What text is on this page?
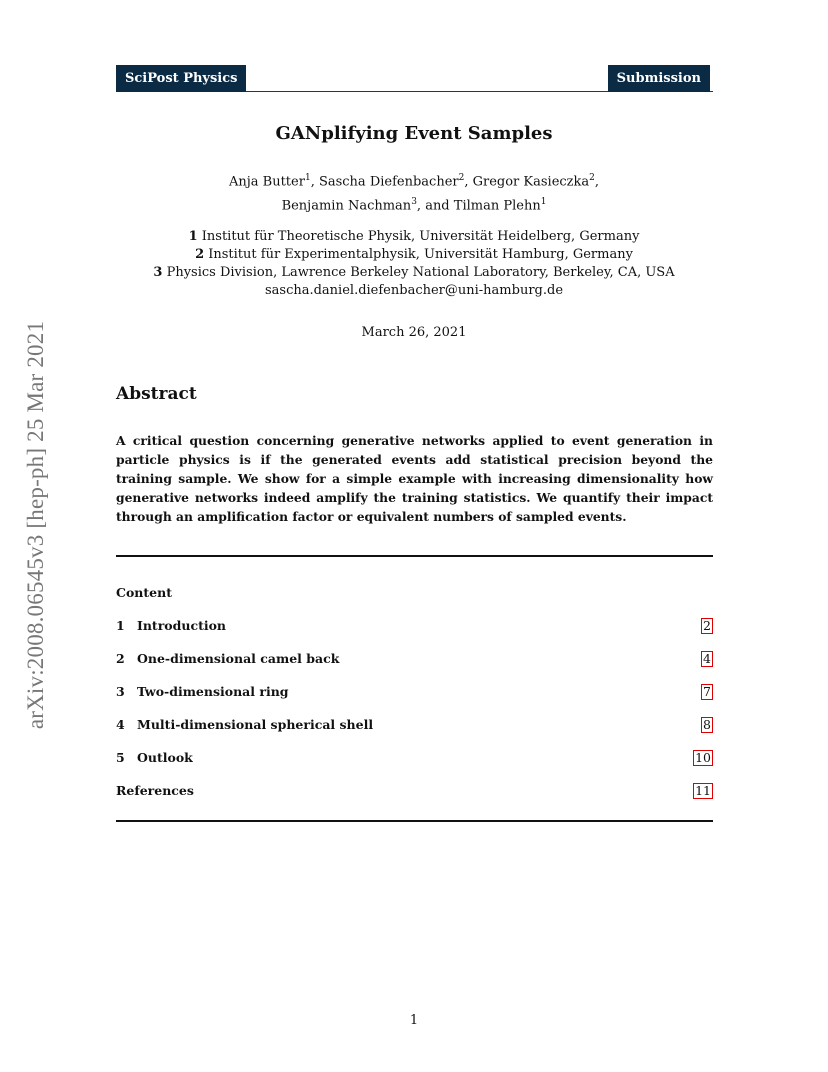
SciPost Physics	Submission
arXiv:2008.06545v3 [hep-ph] 25 Mar 2021
GANplifying Event Samples
Anja Butter$^1$, Sascha Diefenbacher$^2$, Gregor Kasieczka$^2$,
Benjamin Nachman$^3$, and Tilman Plehn$^1$
1 Institut für Theoretische Physik, Universität Heidelberg, Germany
2 Institut für Experimentalphysik, Universität Hamburg, Germany
3 Physics Division, Lawrence Berkeley National Laboratory, Berkeley, CA, USA
sascha.daniel.diefenbacher@uni-hamburg.de
March 26, 2021
Abstract
A critical question concerning generative networks applied to event generation in particle physics is if the generated events add statistical precision beyond the training sample. We show for a simple example with increasing dimensionality how generative networks indeed amplify the training statistics. We quantify their impact through an amplification factor or equivalent numbers of sampled events.
Content
1 Introduction	2
2 One-dimensional camel back	4
3 Two-dimensional ring	7
4 Multi-dimensional spherical shell	8
5 Outlook	10
References	11
1
